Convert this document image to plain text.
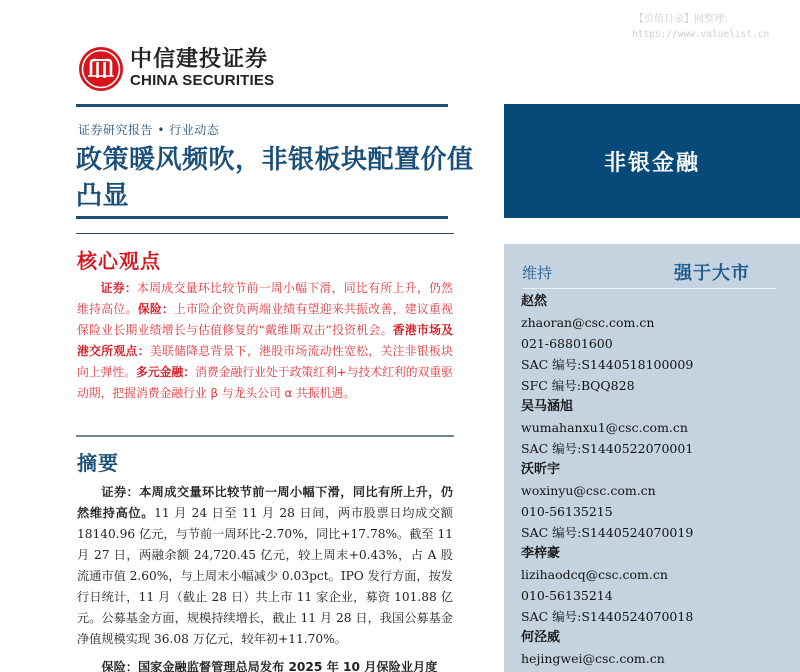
【价值目录】网整理：
https://www.valuelist.cn
中信建投证券
CHINA SECURITIES
证券研究报告 • 行业动态
政策暖风频吹，非银板块配置价值凸显
核心观点
证券：本周成交量环比较节前一周小幅下滑，同比有所上升，仍然维持高位。保险：上市险企资负两端业绩有望迎来共振改善，建议重视保险业长期业绩增长与估值修复的“戴维斯双击”投资机会。香港市场及港交所观点：美联储降息背景下，港股市场流动性宽松，关注非银板块向上弹性。多元金融：消费金融行业处于政策红利+与技术红利的双重驱动期，把握消费金融行业 β 与龙头公司 α 共振机遇。
摘要
证券：本周成交量环比较节前一周小幅下滑，同比有所上升，仍然维持高位。11 月 24 日至 11 月 28 日间，两市股票日均成交额 18140.96 亿元，与节前一周环比-2.70%，同比+17.78%。截至 11 月 27 日，两融余额 24,720.45 亿元，较上周末+0.43%，占 A 股流通市值 2.60%，与上周末小幅减少 0.03pct。IPO 发行方面，按发行日统计，11 月（截止 28 日）共上市 11 家企业，募资 101.88 亿元。公募基金方面，规模持续增长，截止 11 月 28 日，我国公募基金净值规模实现 36.08 万亿元，较年初+11.70%。
保险：国家金融监督管理总局发布 2025 年 10 月保险业月度
非银金融
维持	强于大市
赵然
zhaoran@csc.com.cn
021-68801600
SAC 编号:S1440518100009
SFC 编号:BQQ828
吴马涵旭
wumahanxu1@csc.com.cn
SAC 编号:S1440522070001
沃昕宇
woxinyu@csc.com.cn
010-56135215
SAC 编号:S1440524070019
李梓豪
lizihaodcq@csc.com.cn
010-56135214
SAC 编号:S1440524070018
何泾威
hejingwei@csc.com.cn
